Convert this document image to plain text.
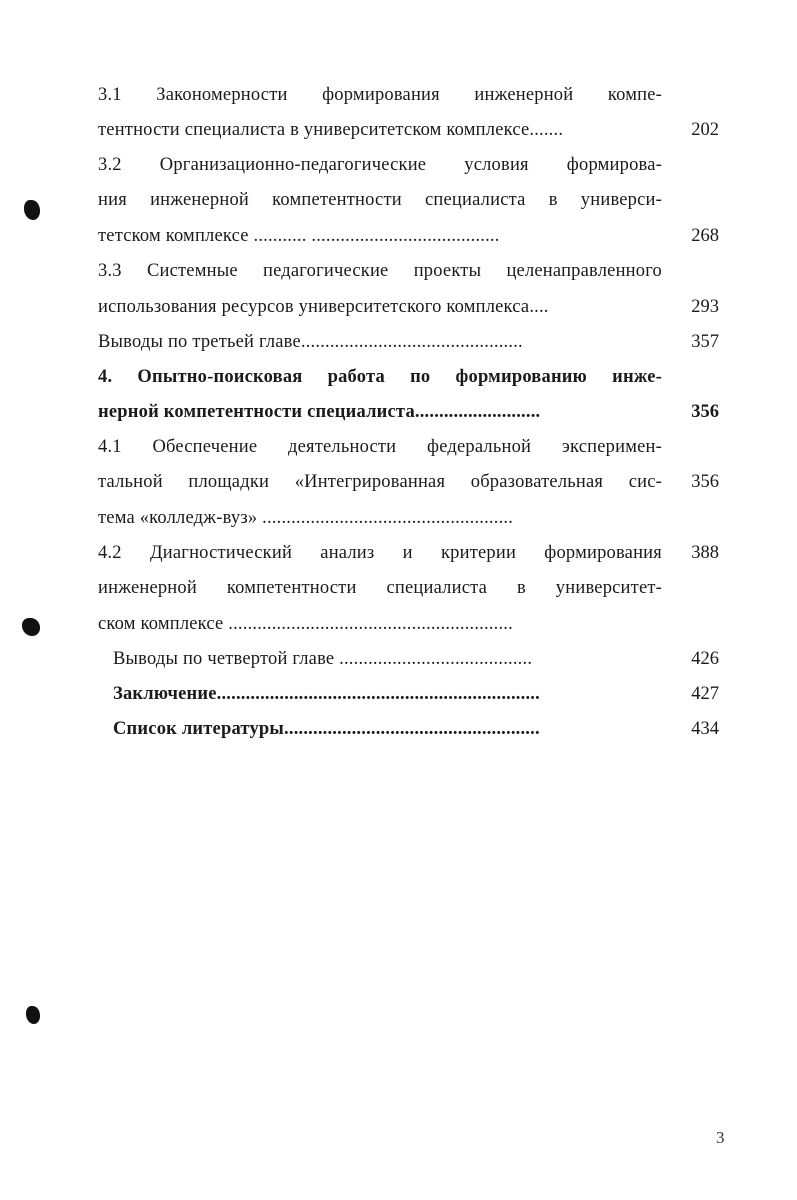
3.1 Закономерности формирования инженерной компе-
тентности специалиста в университетском комплексе.......
3.2 Организационно-педагогические условия формирова-
ния инженерной компетентности специалиста в универси-
тетском комплексе ........... .......................................
3.3 Системные педагогические проекты целенаправленного
использования ресурсов университетского комплекса....
Выводы по третьей главе..............................................
4. Опытно-поисковая работа по формированию инже-
нерной компетентности специалиста..........................
4.1 Обеспечение деятельности федеральной эксперимен-
тальной площадки «Интегрированная образовательная сис-
тема «колледж-вуз» ....................................................
4.2 Диагностический анализ и критерии формирования
инженерной компетентности специалиста в университет-
ском комплексе ...........................................................
Выводы по четвертой главе ........................................
Заключение...................................................................
Список литературы.....................................................
202
268
293
357
356
356
388
426
427
434
3
